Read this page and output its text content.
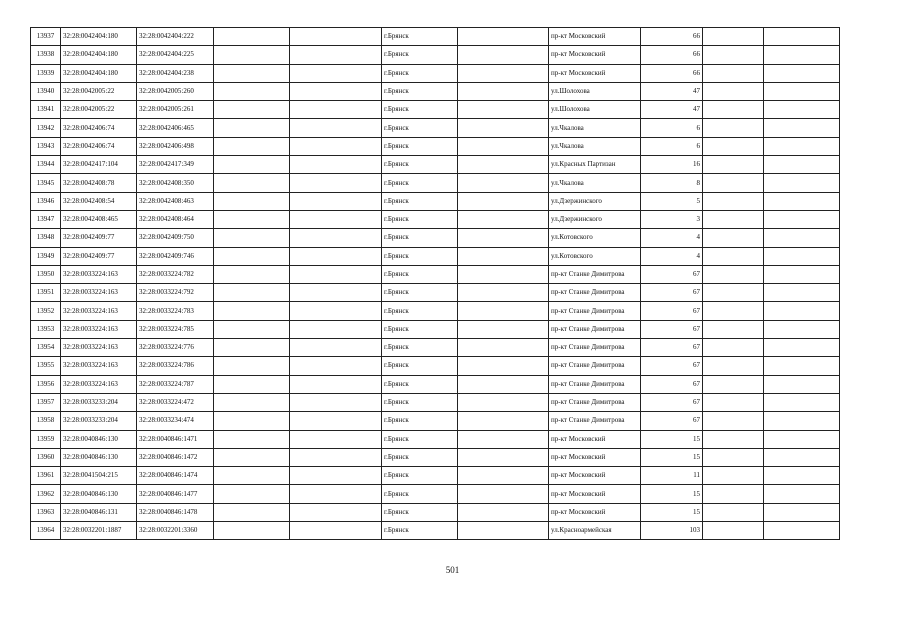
13937	32:28:0042404:180	32:28:0042404:222			г.Брянск		пр-кт Московский	66		
13938	32:28:0042404:180	32:28:0042404:225			г.Брянск		пр-кт Московский	66		
13939	32:28:0042404:180	32:28:0042404:238			г.Брянск		пр-кт Московский	66		
13940	32:28:0042005:22	32:28:0042005:260			г.Брянск		ул.Шолохова	47		
13941	32:28:0042005:22	32:28:0042005:261			г.Брянск		ул.Шолохова	47		
13942	32:28:0042406:74	32:28:0042406:465			г.Брянск		ул.Чкалова	6		
13943	32:28:0042406:74	32:28:0042406:498			г.Брянск		ул.Чкалова	6		
13944	32:28:0042417:104	32:28:0042417:349			г.Брянск		ул.Красных Партизан	16		
13945	32:28:0042408:78	32:28:0042408:350			г.Брянск		ул.Чкалова	8		
13946	32:28:0042408:54	32:28:0042408:463			г.Брянск		ул.Дзержинского	5		
13947	32:28:0042408:465	32:28:0042408:464			г.Брянск		ул.Дзержинского	3		
13948	32:28:0042409:77	32:28:0042409:750			г.Брянск		ул.Котовского	4		
13949	32:28:0042409:77	32:28:0042409:746			г.Брянск		ул.Котовского	4		
13950	32:28:0033224:163	32:28:0033224:782			г.Брянск		пр-кт Станке Димитрова	67		
13951	32:28:0033224:163	32:28:0033224:792			г.Брянск		пр-кт Станке Димитрова	67		
13952	32:28:0033224:163	32:28:0033224:783			г.Брянск		пр-кт Станке Димитрова	67		
13953	32:28:0033224:163	32:28:0033224:785			г.Брянск		пр-кт Станке Димитрова	67		
13954	32:28:0033224:163	32:28:0033224:776			г.Брянск		пр-кт Станке Димитрова	67		
13955	32:28:0033224:163	32:28:0033224:786			г.Брянск		пр-кт Станке Димитрова	67		
13956	32:28:0033224:163	32:28:0033224:787			г.Брянск		пр-кт Станке Димитрова	67		
13957	32:28:0033233:204	32:28:0033224:472			г.Брянск		пр-кт Станке Димитрова	67		
13958	32:28:0033233:204	32:28:0033234:474			г.Брянск		пр-кт Станке Димитрова	67		
13959	32:28:0040846:130	32:28:0040846:1471			г.Брянск		пр-кт Московский	15		
13960	32:28:0040846:130	32:28:0040846:1472			г.Брянск		пр-кт Московский	15		
13961	32:28:0041504:215	32:28:0040846:1474			г.Брянск		пр-кт Московский	11		
13962	32:28:0040846:130	32:28:0040846:1477			г.Брянск		пр-кт Московский	15		
13963	32:28:0040846:131	32:28:0040846:1478			г.Брянск		пр-кт Московский	15		
13964	32:28:0032201:1887	32:28:0032201:3360			г.Брянск		ул.Красноармейская	103		
501
